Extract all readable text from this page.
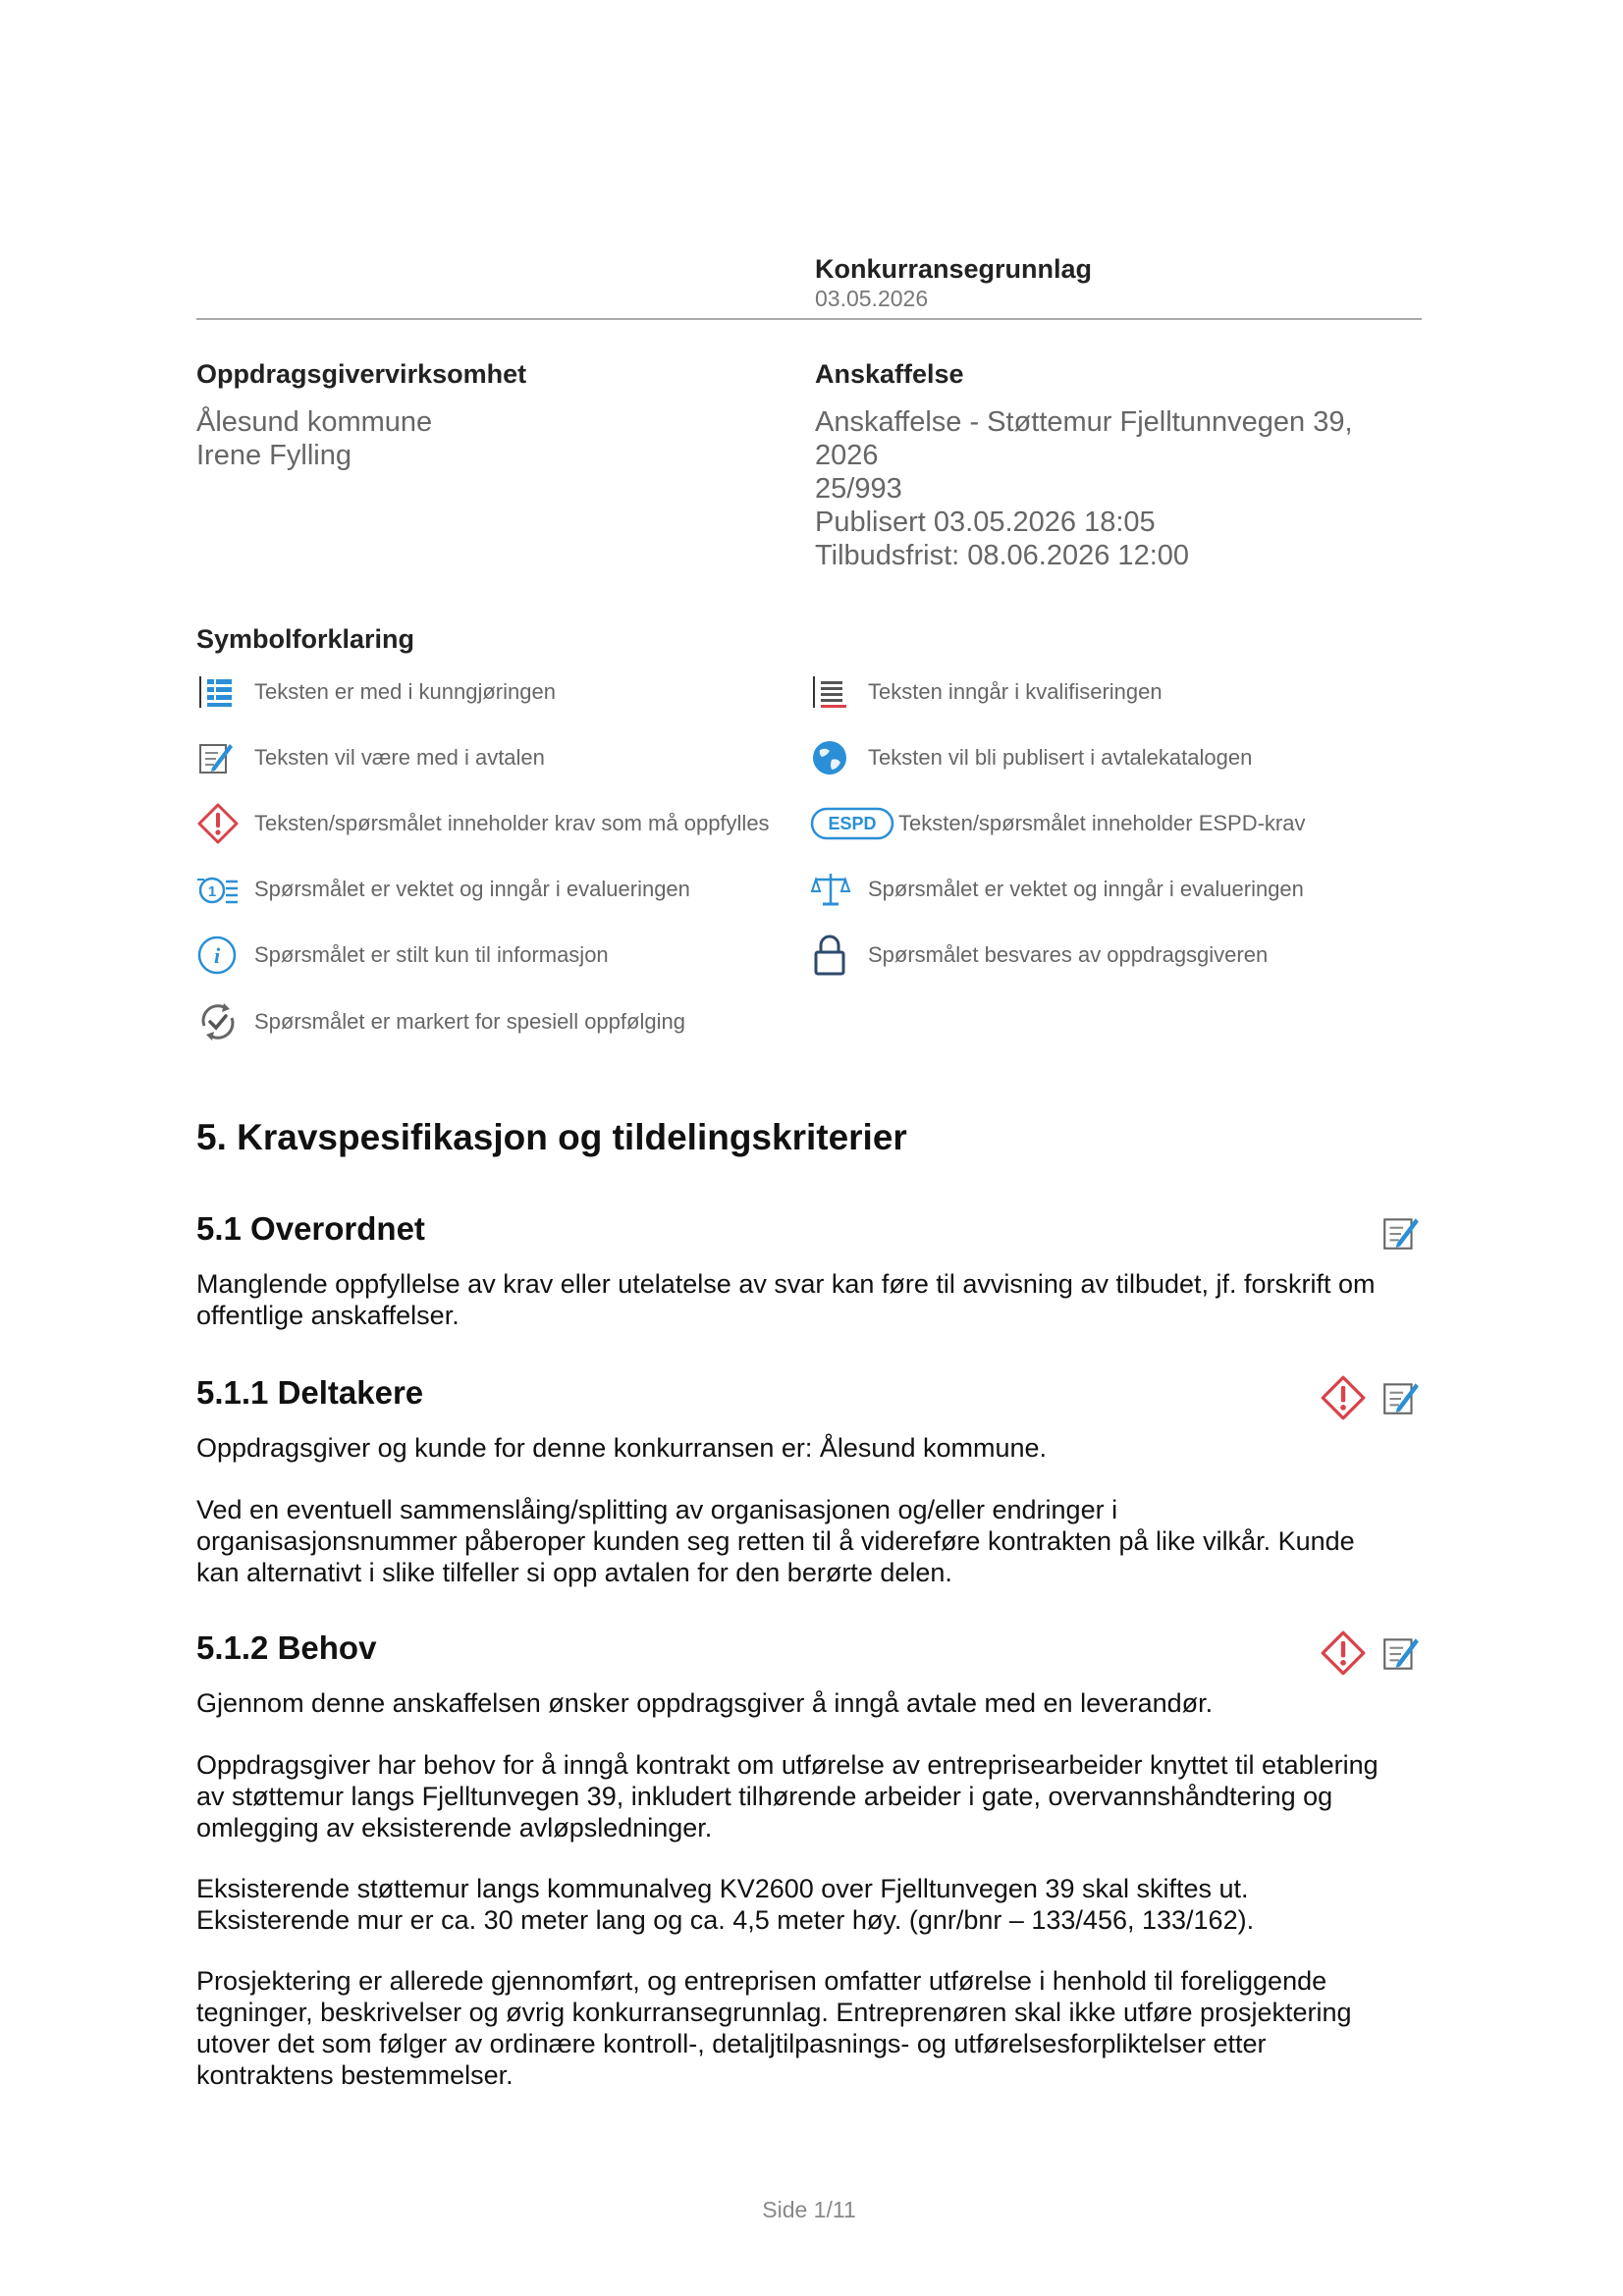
Konkurransegrunnlag
03.05.2026
Oppdragsgivervirksomhet
Ålesund kommune
Irene Fylling
Anskaffelse
Anskaffelse - Støttemur Fjelltunnvegen 39,
2026
25/993
Publisert 03.05.2026 18:05
Tilbudsfrist: 08.06.2026 12:00
Symbolforklaring
Teksten er med i kunngjøringen	Teksten inngår i kvalifiseringen
Teksten vil være med i avtalen	Teksten vil bli publisert i avtalekatalogen
Teksten/spørsmålet inneholder krav som må oppfylles	ESPD Teksten/spørsmålet inneholder ESPD-krav
1 Spørsmålet er vektet og inngår i evalueringen	Spørsmålet er vektet og inngår i evalueringen
i Spørsmålet er stilt kun til informasjon	Spørsmålet besvares av oppdragsgiveren
Spørsmålet er markert for spesiell oppfølging
5. Kravspesifikasjon og tildelingskriterier
5.1 Overordnet
Manglende oppfyllelse av krav eller utelatelse av svar kan føre til avvisning av tilbudet, jf. forskrift om
offentlige anskaffelser.
5.1.1 Deltakere
Oppdragsgiver og kunde for denne konkurransen er: Ålesund kommune.
Ved en eventuell sammenslåing/splitting av organisasjonen og/eller endringer i
organisasjonsnummer påberoper kunden seg retten til å videreføre kontrakten på like vilkår. Kunde
kan alternativt i slike tilfeller si opp avtalen for den berørte delen.
5.1.2 Behov
Gjennom denne anskaffelsen ønsker oppdragsgiver å inngå avtale med en leverandør.
Oppdragsgiver har behov for å inngå kontrakt om utførelse av entreprisearbeider knyttet til etablering
av støttemur langs Fjelltunvegen 39, inkludert tilhørende arbeider i gate, overvannshåndtering og
omlegging av eksisterende avløpsledninger.
Eksisterende støttemur langs kommunalveg KV2600 over Fjelltunvegen 39 skal skiftes ut.
Eksisterende mur er ca. 30 meter lang og ca. 4,5 meter høy. (gnr/bnr – 133/456, 133/162).
Prosjektering er allerede gjennomført, og entreprisen omfatter utførelse i henhold til foreliggende
tegninger, beskrivelser og øvrig konkurransegrunnlag. Entreprenøren skal ikke utføre prosjektering
utover det som følger av ordinære kontroll-, detaljtilpasnings- og utførelsesforpliktelser etter
kontraktens bestemmelser.
Side 1/11
